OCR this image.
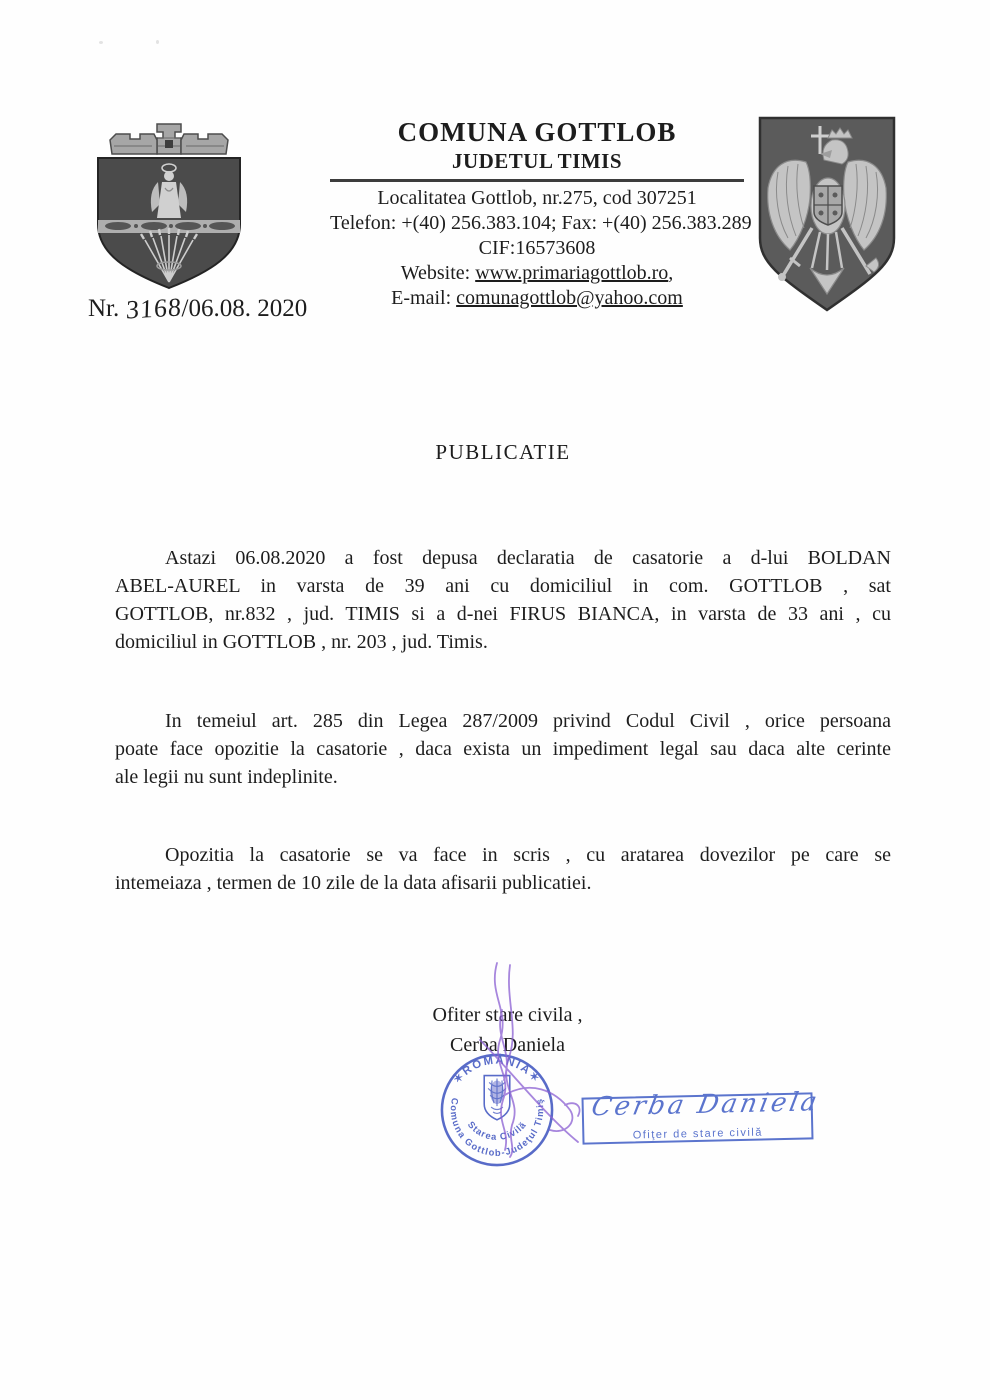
COMUNA GOTTLOB
JUDETUL TIMIS
Localitatea Gottlob, nr.275, cod 307251
Telefon: +(40) 256.383.104; Fax: +(40) 256.383.289
CIF:16573608
Website: www.primariagottlob.ro,
E-mail: comunagottlob@yahoo.com
Nr. 3168/06.08. 2020
PUBLICATIE
Astazi 06.08.2020 a fost depusa declaratia de casatorie a d-lui BOLDAN
ABEL-AUREL in varsta de 39 ani cu domiciliul in com. GOTTLOB , sat
GOTTLOB, nr.832 , jud. TIMIS si a d-nei FIRUS BIANCA, in varsta de 33 ani , cu
domiciliul in GOTTLOB , nr. 203 , jud. Timis.
In temeiul art. 285 din Legea 287/2009 privind Codul Civil , orice persoana
poate face opozitie la casatorie , daca exista un impediment legal sau daca alte cerinte
ale legii nu sunt indeplinite.
Opozitia la casatorie se va face in scris , cu aratarea dovezilor pe care se
intemeiaza , termen de 10 zile de la data afisarii publicatiei.
Ofiter stare civila ,
Cerba Daniela
✶ROMÂNIA✶
Comuna Gottlob-Judeţul Timiş
Starea Civilă
Cerba Daniela
Ofiţer de stare civilă
